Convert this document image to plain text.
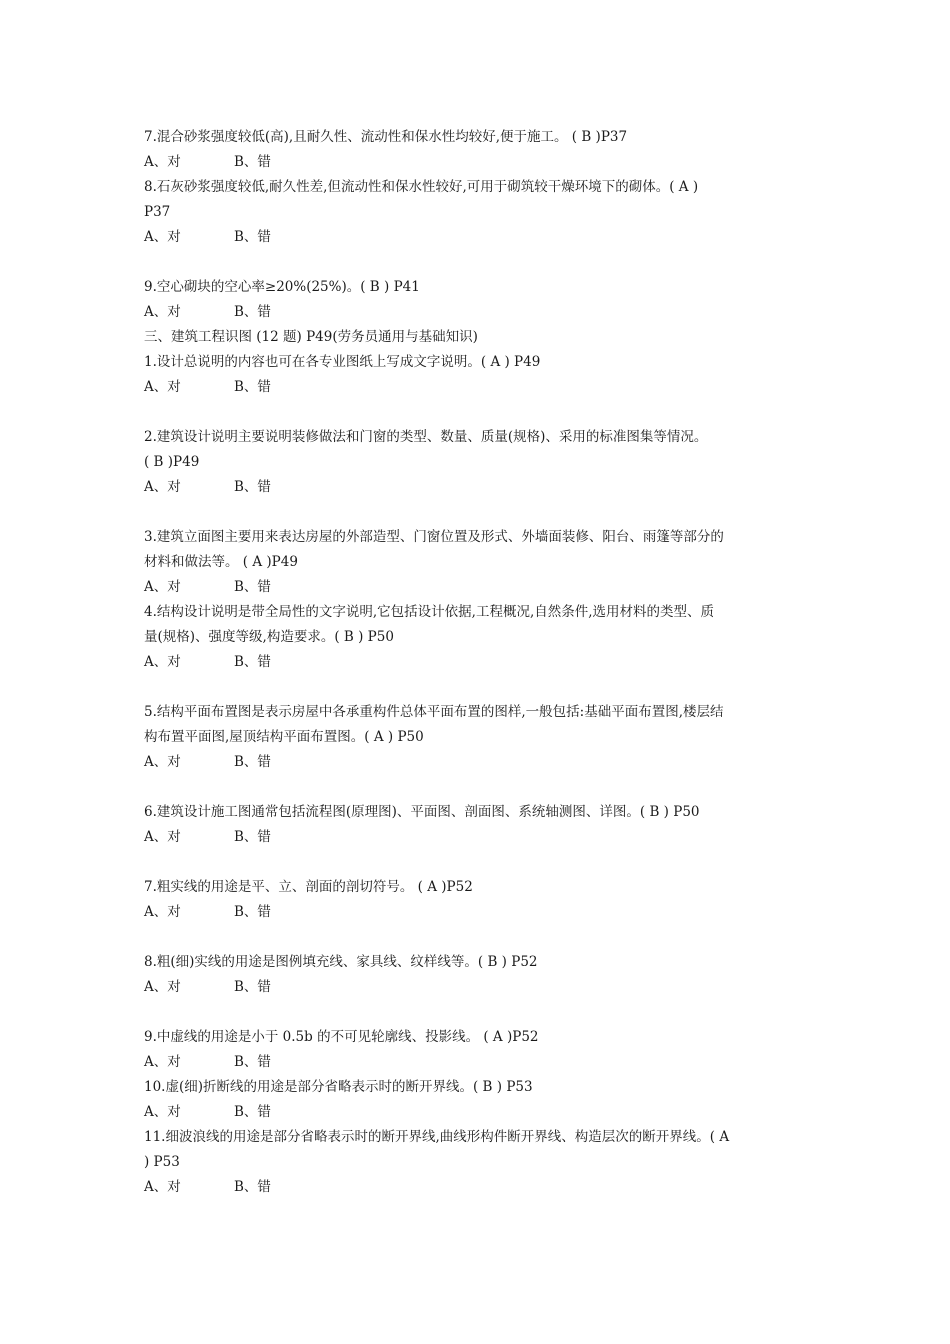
7.混合砂浆强度较低(高),且耐久性、流动性和保水性均较好,便于施工。 ( B )P37
A、对	B、错
8.石灰砂浆强度较低,耐久性差,但流动性和保水性较好,可用于砌筑较干燥环境下的砌体。( A )
P37
A、对	B、错
9.空心砌块的空心率≥20%(25%)。( B ) P41
A、对	B、错
三、建筑工程识图 (12 题) P49(劳务员通用与基础知识)
1.设计总说明的内容也可在各专业图纸上写成文字说明。( A ) P49
A、对	B、错
2.建筑设计说明主要说明装修做法和门窗的类型、数量、质量(规格)、采用的标准图集等情况。
( B )P49
A、对	B、错
3.建筑立面图主要用来表达房屋的外部造型、门窗位置及形式、外墙面装修、阳台、雨篷等部分的
材料和做法等。 ( A )P49
A、对	B、错
4.结构设计说明是带全局性的文字说明,它包括设计依据,工程概况,自然条件,选用材料的类型、质
量(规格)、强度等级,构造要求。( B ) P50
A、对	B、错
5.结构平面布置图是表示房屋中各承重构件总体平面布置的图样,一般包括:基础平面布置图,楼层结
构布置平面图,屋顶结构平面布置图。( A ) P50
A、对	B、错
6.建筑设计施工图通常包括流程图(原理图)、平面图、剖面图、系统轴测图、详图。( B ) P50
A、对	B、错
7.粗实线的用途是平、立、剖面的剖切符号。 ( A )P52
A、对	B、错
8.粗(细)实线的用途是图例填充线、家具线、纹样线等。( B ) P52
A、对	B、错
9.中虚线的用途是小于 0.5b 的不可见轮廓线、投影线。 ( A )P52
A、对	B、错
10.虚(细)折断线的用途是部分省略表示时的断开界线。( B ) P53
A、对	B、错
11.细波浪线的用途是部分省略表示时的断开界线,曲线形构件断开界线、构造层次的断开界线。( A
) P53
A、对	B、错
